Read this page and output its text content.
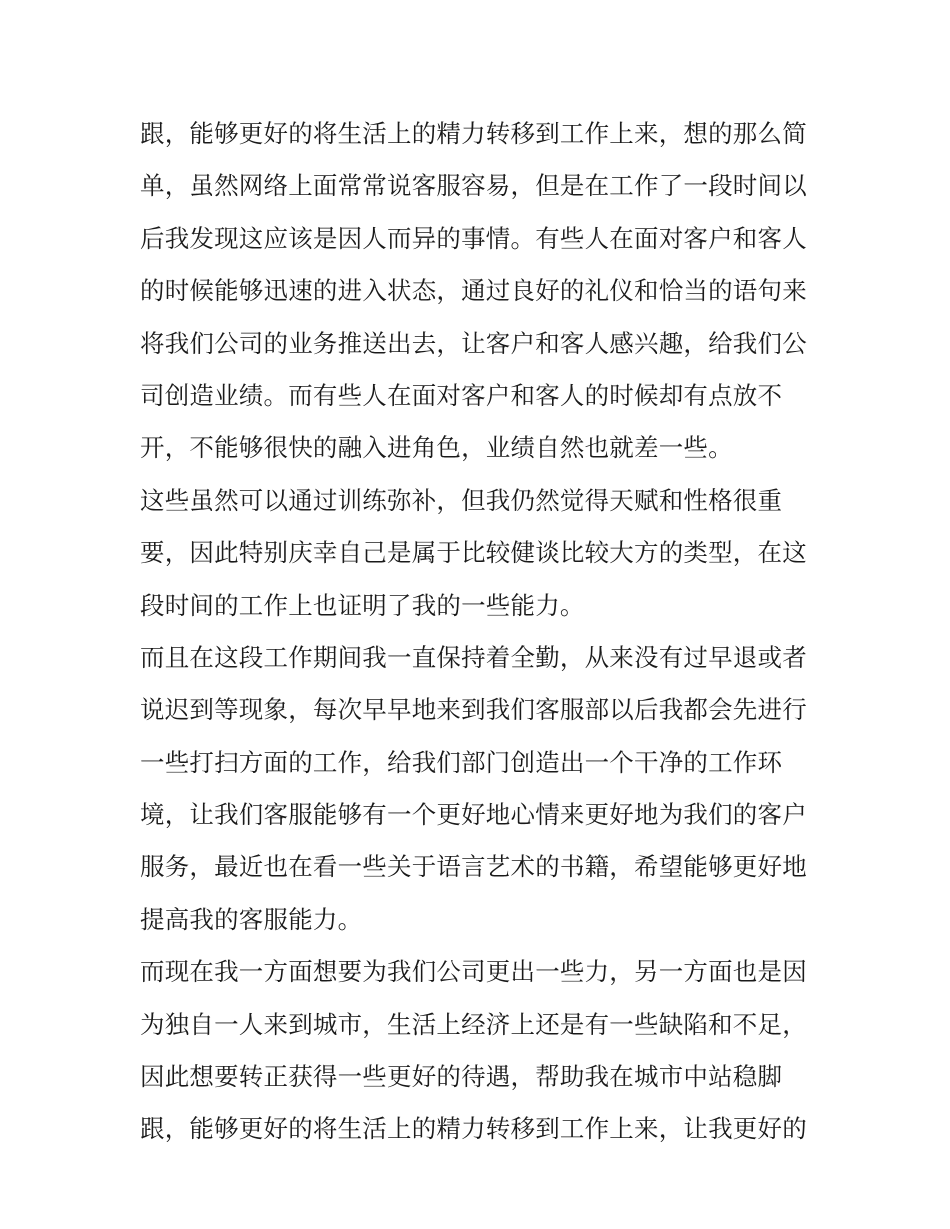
跟，能够更好的将生活上的精力转移到工作上来，想的那么简
单，虽然网络上面常常说客服容易，但是在工作了一段时间以
后我发现这应该是因人而异的事情。有些人在面对客户和客人
的时候能够迅速的进入状态，通过良好的礼仪和恰当的语句来
将我们公司的业务推送出去，让客户和客人感兴趣，给我们公
司创造业绩。而有些人在面对客户和客人的时候却有点放不
开，不能够很快的融入进角色，业绩自然也就差一些。
这些虽然可以通过训练弥补，但我仍然觉得天赋和性格很重
要，因此特别庆幸自己是属于比较健谈比较大方的类型，在这
段时间的工作上也证明了我的一些能力。
而且在这段工作期间我一直保持着全勤，从来没有过早退或者
说迟到等现象，每次早早地来到我们客服部以后我都会先进行
一些打扫方面的工作，给我们部门创造出一个干净的工作环
境，让我们客服能够有一个更好地心情来更好地为我们的客户
服务，最近也在看一些关于语言艺术的书籍，希望能够更好地
提高我的客服能力。
而现在我一方面想要为我们公司更出一些力，另一方面也是因
为独自一人来到城市，生活上经济上还是有一些缺陷和不足，
因此想要转正获得一些更好的待遇，帮助我在城市中站稳脚
跟，能够更好的将生活上的精力转移到工作上来，让我更好的
